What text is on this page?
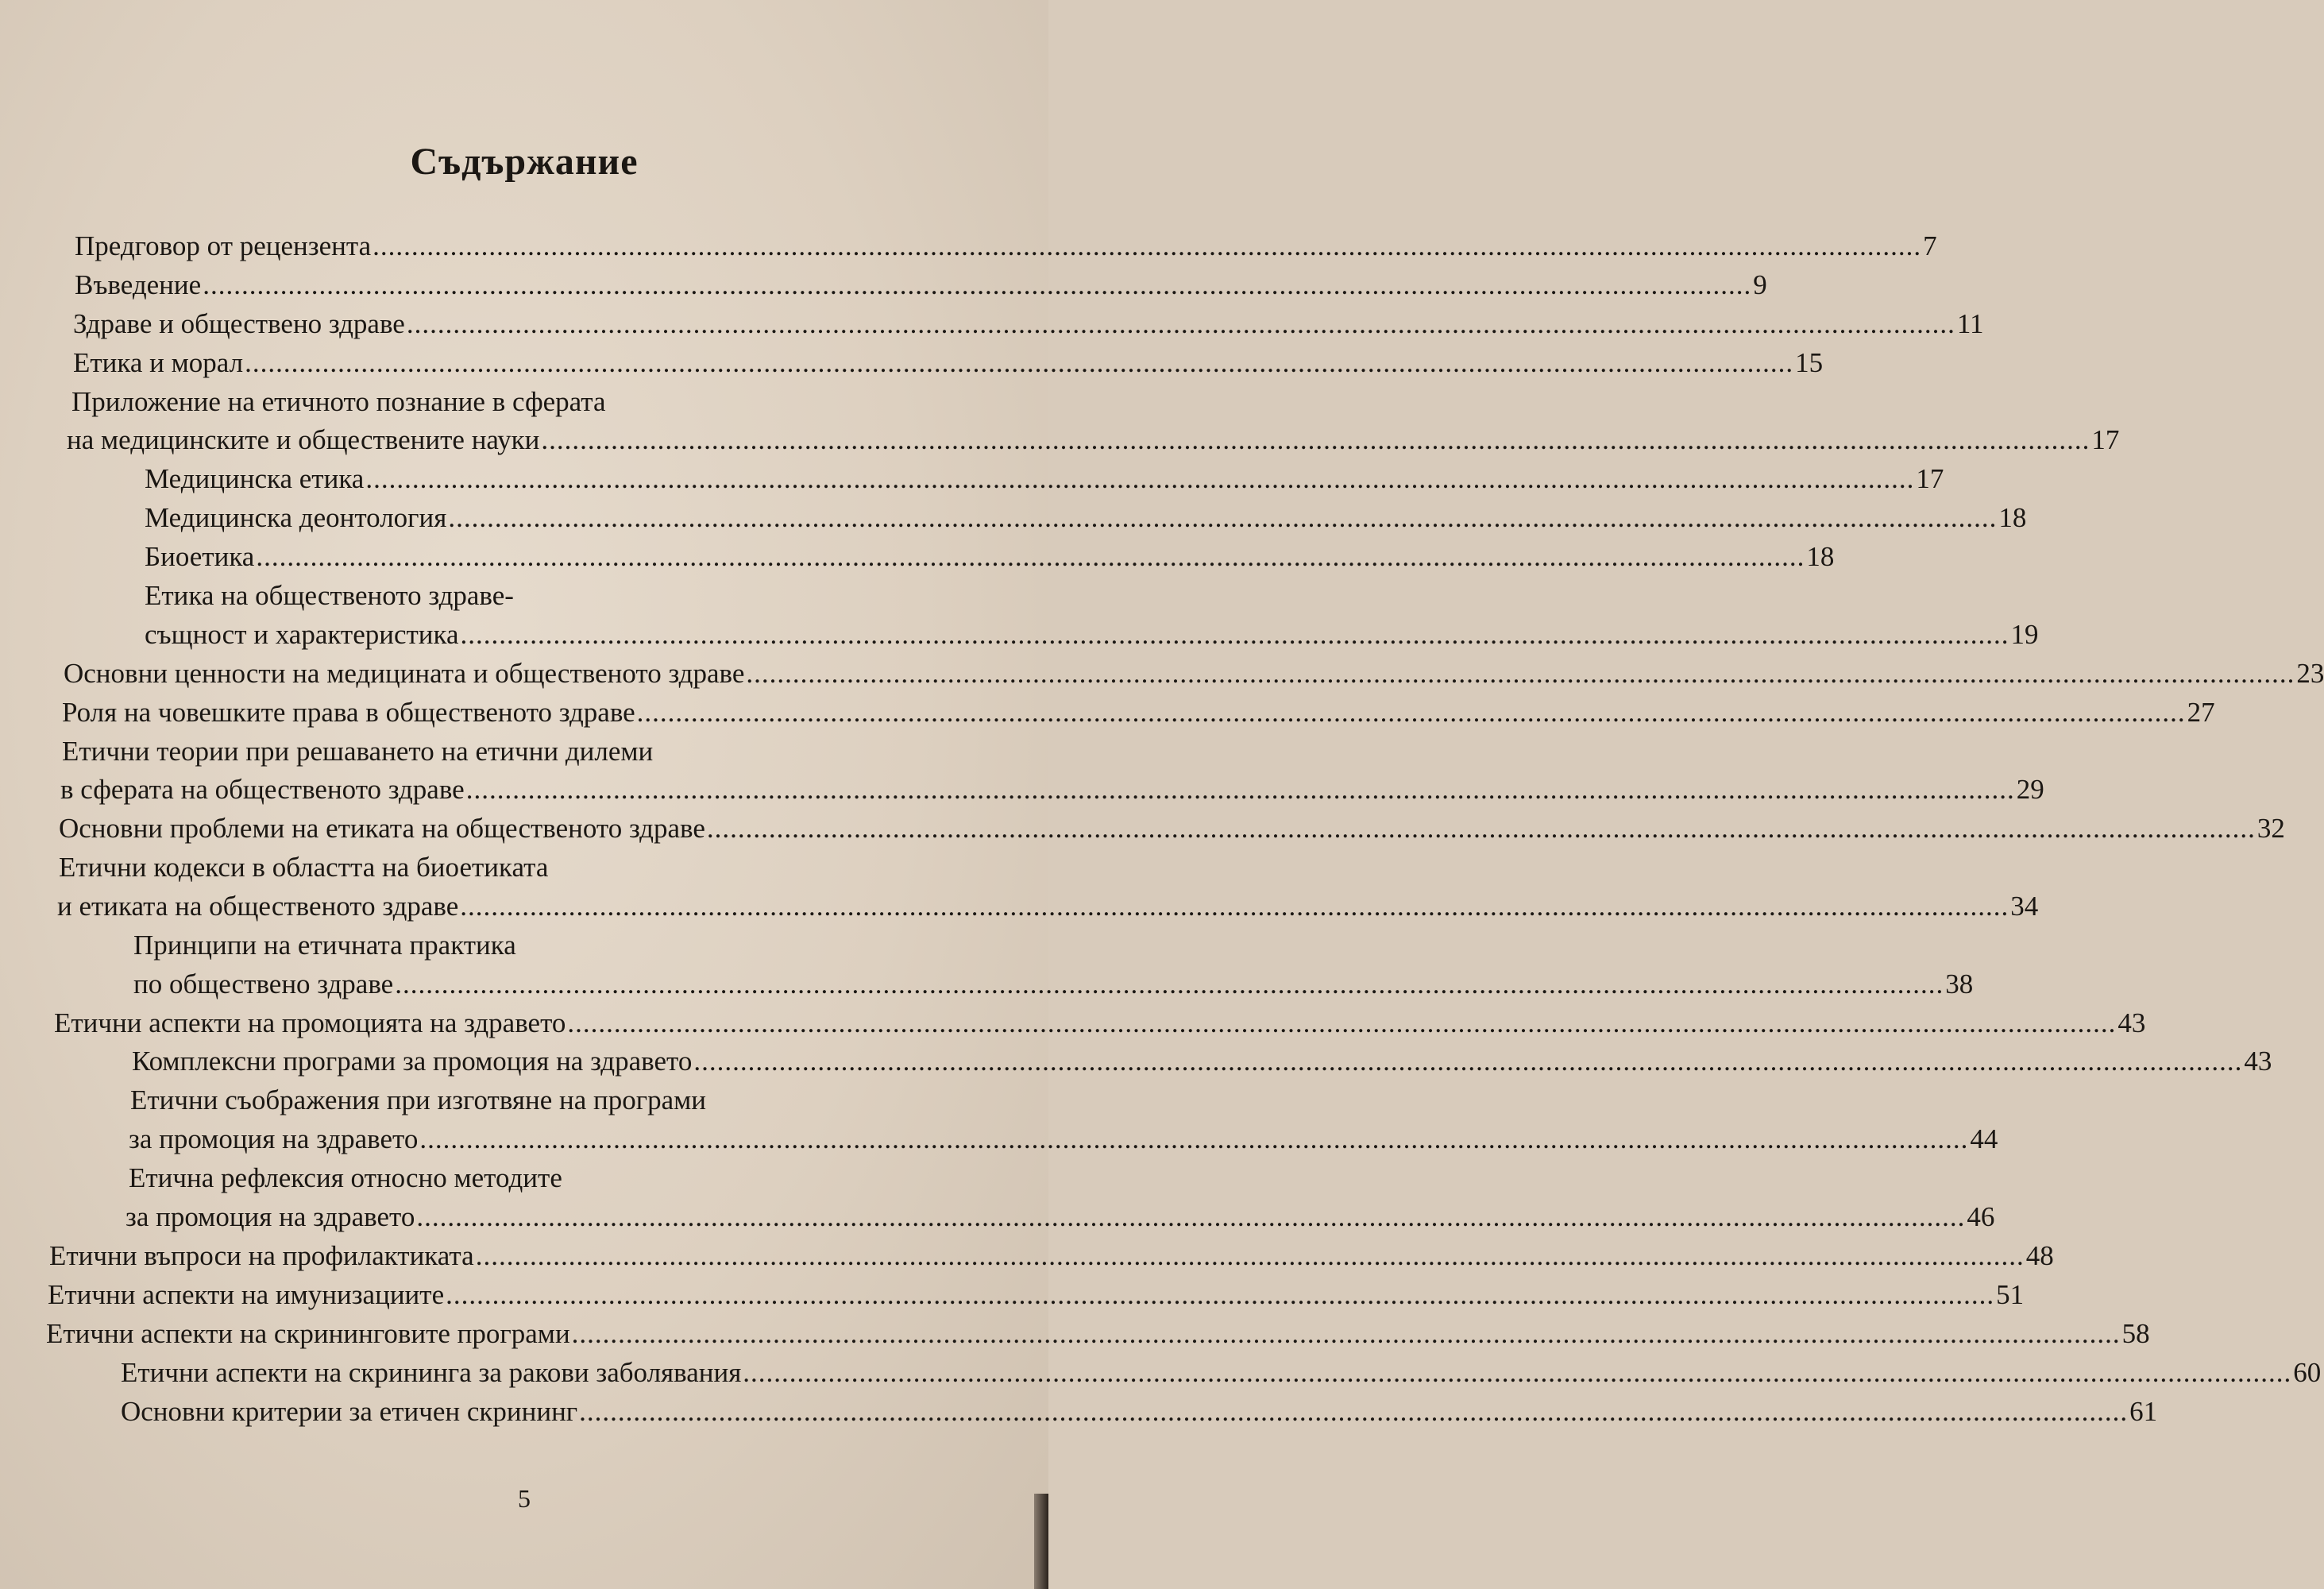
Съдържание
Предговор от рецензента ........................................................................................................................................................................................................ 7
Въведение ........................................................................................................................................................................................................ 9
Здраве и обществено здраве ........................................................................................................................................................................................................ 11
Етика и морал ........................................................................................................................................................................................................ 15
Приложение на етичното познание в сферата
на медицинските и обществените науки ........................................................................................................................................................................................................ 17
Медицинска етика ........................................................................................................................................................................................................ 17
Медицинска деонтология ........................................................................................................................................................................................................ 18
Биоетика ........................................................................................................................................................................................................ 18
Етика на общественото здраве-
същност и характеристика ........................................................................................................................................................................................................ 19
Основни ценности на медицината и общественото здраве ........................................................................................................................................................................................................ 23
Роля на човешките права в общественото здраве ........................................................................................................................................................................................................ 27
Етични теории при решаването на етични дилеми
в сферата на общественото здраве ........................................................................................................................................................................................................ 29
Основни проблеми на етиката на общественото здраве ........................................................................................................................................................................................................ 32
Етични кодекси в областта на биоетиката
и етиката на общественото здраве ........................................................................................................................................................................................................ 34
Принципи на етичната практика
по обществено здраве ........................................................................................................................................................................................................ 38
Етични аспекти на промоцията на здравето ........................................................................................................................................................................................................ 43
Комплексни програми за промоция на здравето ........................................................................................................................................................................................................ 43
Етични съображения при изготвяне на програми
за промоция на здравето ........................................................................................................................................................................................................ 44
Етична рефлексия относно методите
за промоция на здравето ........................................................................................................................................................................................................ 46
Етични въпроси на профилактиката ........................................................................................................................................................................................................ 48
Етични аспекти на имунизациите ........................................................................................................................................................................................................ 51
Етични аспекти на скрининговите програми ........................................................................................................................................................................................................ 58
Етични аспекти на скрининга за ракови заболявания ........................................................................................................................................................................................................ 60
Основни критерии за етичен скрининг ........................................................................................................................................................................................................ 61
5
